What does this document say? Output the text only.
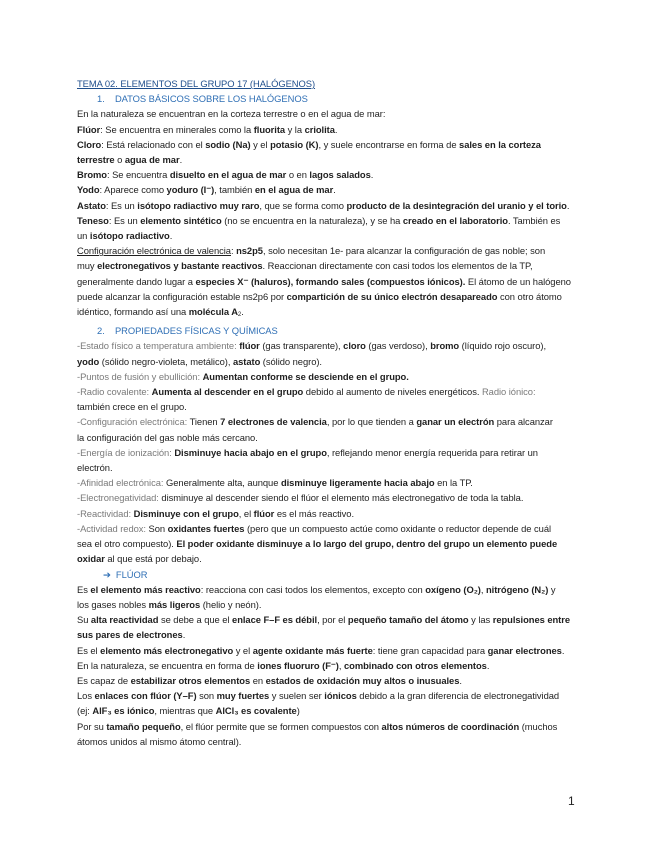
TEMA 02. ELEMENTOS DEL GRUPO 17 (HALÓGENOS)
1. DATOS BÁSICOS SOBRE LOS HALÓGENOS
En la naturaleza se encuentran en la corteza terrestre o en el agua de mar:
Flúor: Se encuentra en minerales como la fluorita y la criolita.
Cloro: Está relacionado con el sodio (Na) y el potasio (K), y suele encontrarse en forma de sales en la corteza
terrestre o agua de mar.
Bromo: Se encuentra disuelto en el agua de mar o en lagos salados.
Yodo: Aparece como yoduro (I⁻), también en el agua de mar.
Astato: Es un isótopo radiactivo muy raro, que se forma como producto de la desintegración del uranio y el torio.
Teneso: Es un elemento sintético (no se encuentra en la naturaleza), y se ha creado en el laboratorio. También es
un isótopo radiactivo.
Configuración electrónica de valencia: ns2p5, solo necesitan 1e- para alcanzar la configuración de gas noble; son
muy electronegativos y bastante reactivos. Reaccionan directamente con casi todos los elementos de la TP,
generalmente dando lugar a especies X⁻ (haluros), formando sales (compuestos iónicos). El átomo de un halógeno
puede alcanzar la configuración estable ns2p6 por compartición de su único electrón desapareado con otro átomo
idéntico, formando así una molécula $A_2$.
2. PROPIEDADES FÍSICAS Y QUÍMICAS
-Estado físico a temperatura ambiente: flúor (gas transparente), cloro (gas verdoso), bromo (líquido rojo oscuro),
yodo (sólido negro-violeta, metálico), astato (sólido negro).
-Puntos de fusión y ebullición: Aumentan conforme se desciende en el grupo.
-Radio covalente: Aumenta al descender en el grupo debido al aumento de niveles energéticos. Radio iónico:
también crece en el grupo.
-Configuración electrónica: Tienen 7 electrones de valencia, por lo que tienden a ganar un electrón para alcanzar
la configuración del gas noble más cercano.
-Energía de ionización: Disminuye hacia abajo en el grupo, reflejando menor energía requerida para retirar un
electrón.
-Afinidad electrónica: Generalmente alta, aunque disminuye ligeramente hacia abajo en la TP.
-Electronegatividad: disminuye al descender siendo el flúor el elemento más electronegativo de toda la tabla.
-Reactividad: Disminuye con el grupo, el flúor es el más reactivo.
-Actividad redox: Son oxidantes fuertes (pero que un compuesto actúe como oxidante o reductor depende de cuál
sea el otro compuesto). El poder oxidante disminuye a lo largo del grupo, dentro del grupo un elemento puede
oxidar al que está por debajo.
➔ FLÚOR
Es el elemento más reactivo: reacciona con casi todos los elementos, excepto con oxígeno (O₂), nitrógeno (N₂) y
los gases nobles más ligeros (helio y neón).
Su alta reactividad se debe a que el enlace F–F es débil, por el pequeño tamaño del átomo y las repulsiones entre
sus pares de electrones.
Es el elemento más electronegativo y el agente oxidante más fuerte: tiene gran capacidad para ganar electrones.
En la naturaleza, se encuentra en forma de iones fluoruro (F⁻), combinado con otros elementos.
Es capaz de estabilizar otros elementos en estados de oxidación muy altos o inusuales.
Los enlaces con flúor (Y–F) son muy fuertes y suelen ser iónicos debido a la gran diferencia de electronegatividad
(ej: AlF₃ es iónico, mientras que AlCl₃ es covalente)
Por su tamaño pequeño, el flúor permite que se formen compuestos con altos números de coordinación (muchos
átomos unidos al mismo átomo central).
1
